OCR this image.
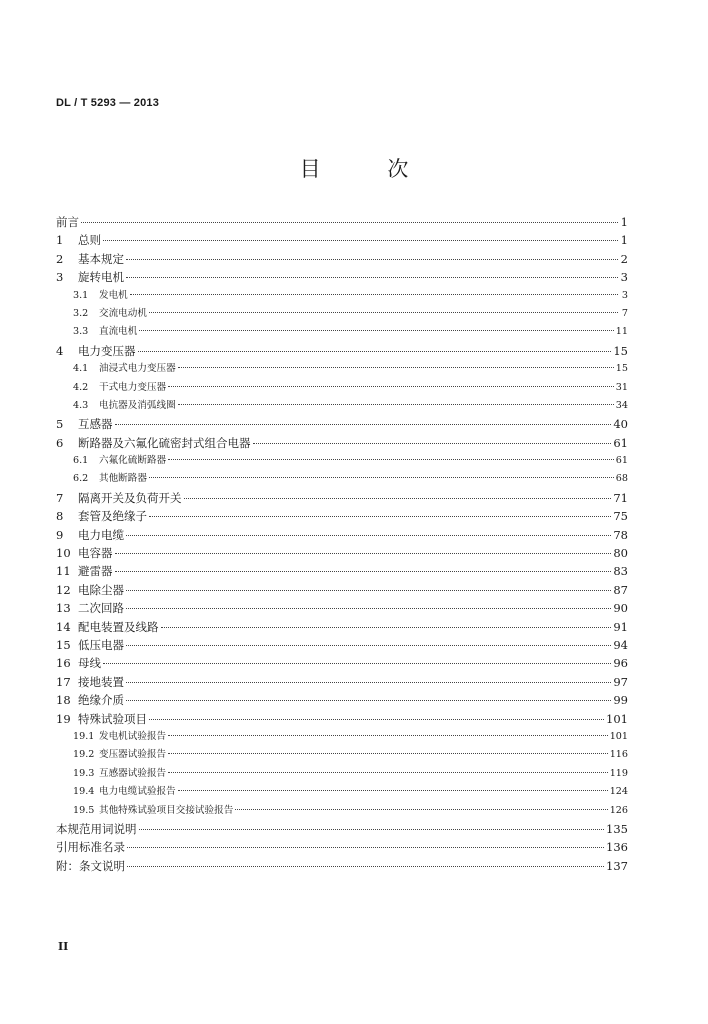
DL / T 5293 — 2013
目 次
前言	1
1	总则	1
2	基本规定	2
3	旋转电机	3
3.1	发电机	3
3.2	交流电动机	7
3.3	直流电机	11
4	电力变压器	15
4.1	油浸式电力变压器	15
4.2	干式电力变压器	31
4.3	电抗器及消弧线圈	34
5	互感器	40
6	断路器及六氟化硫密封式组合电器	61
6.1	六氟化硫断路器	61
6.2	其他断路器	68
7	隔离开关及负荷开关	71
8	套管及绝缘子	75
9	电力电缆	78
10 电容器	80
11 避雷器	83
12 电除尘器	87
13 二次回路	90
14 配电装置及线路	91
15 低压电器	94
16 母线	96
17 接地装置	97
18 绝缘介质	99
19 特殊试验项目	101
19.1 发电机试验报告	101
19.2 变压器试验报告	116
19.3 互感器试验报告	119
19.4 电力电缆试验报告	124
19.5 其他特殊试验项目交接试验报告	126
本规范用词说明	135
引用标准名录	136
附：条文说明	137
II
